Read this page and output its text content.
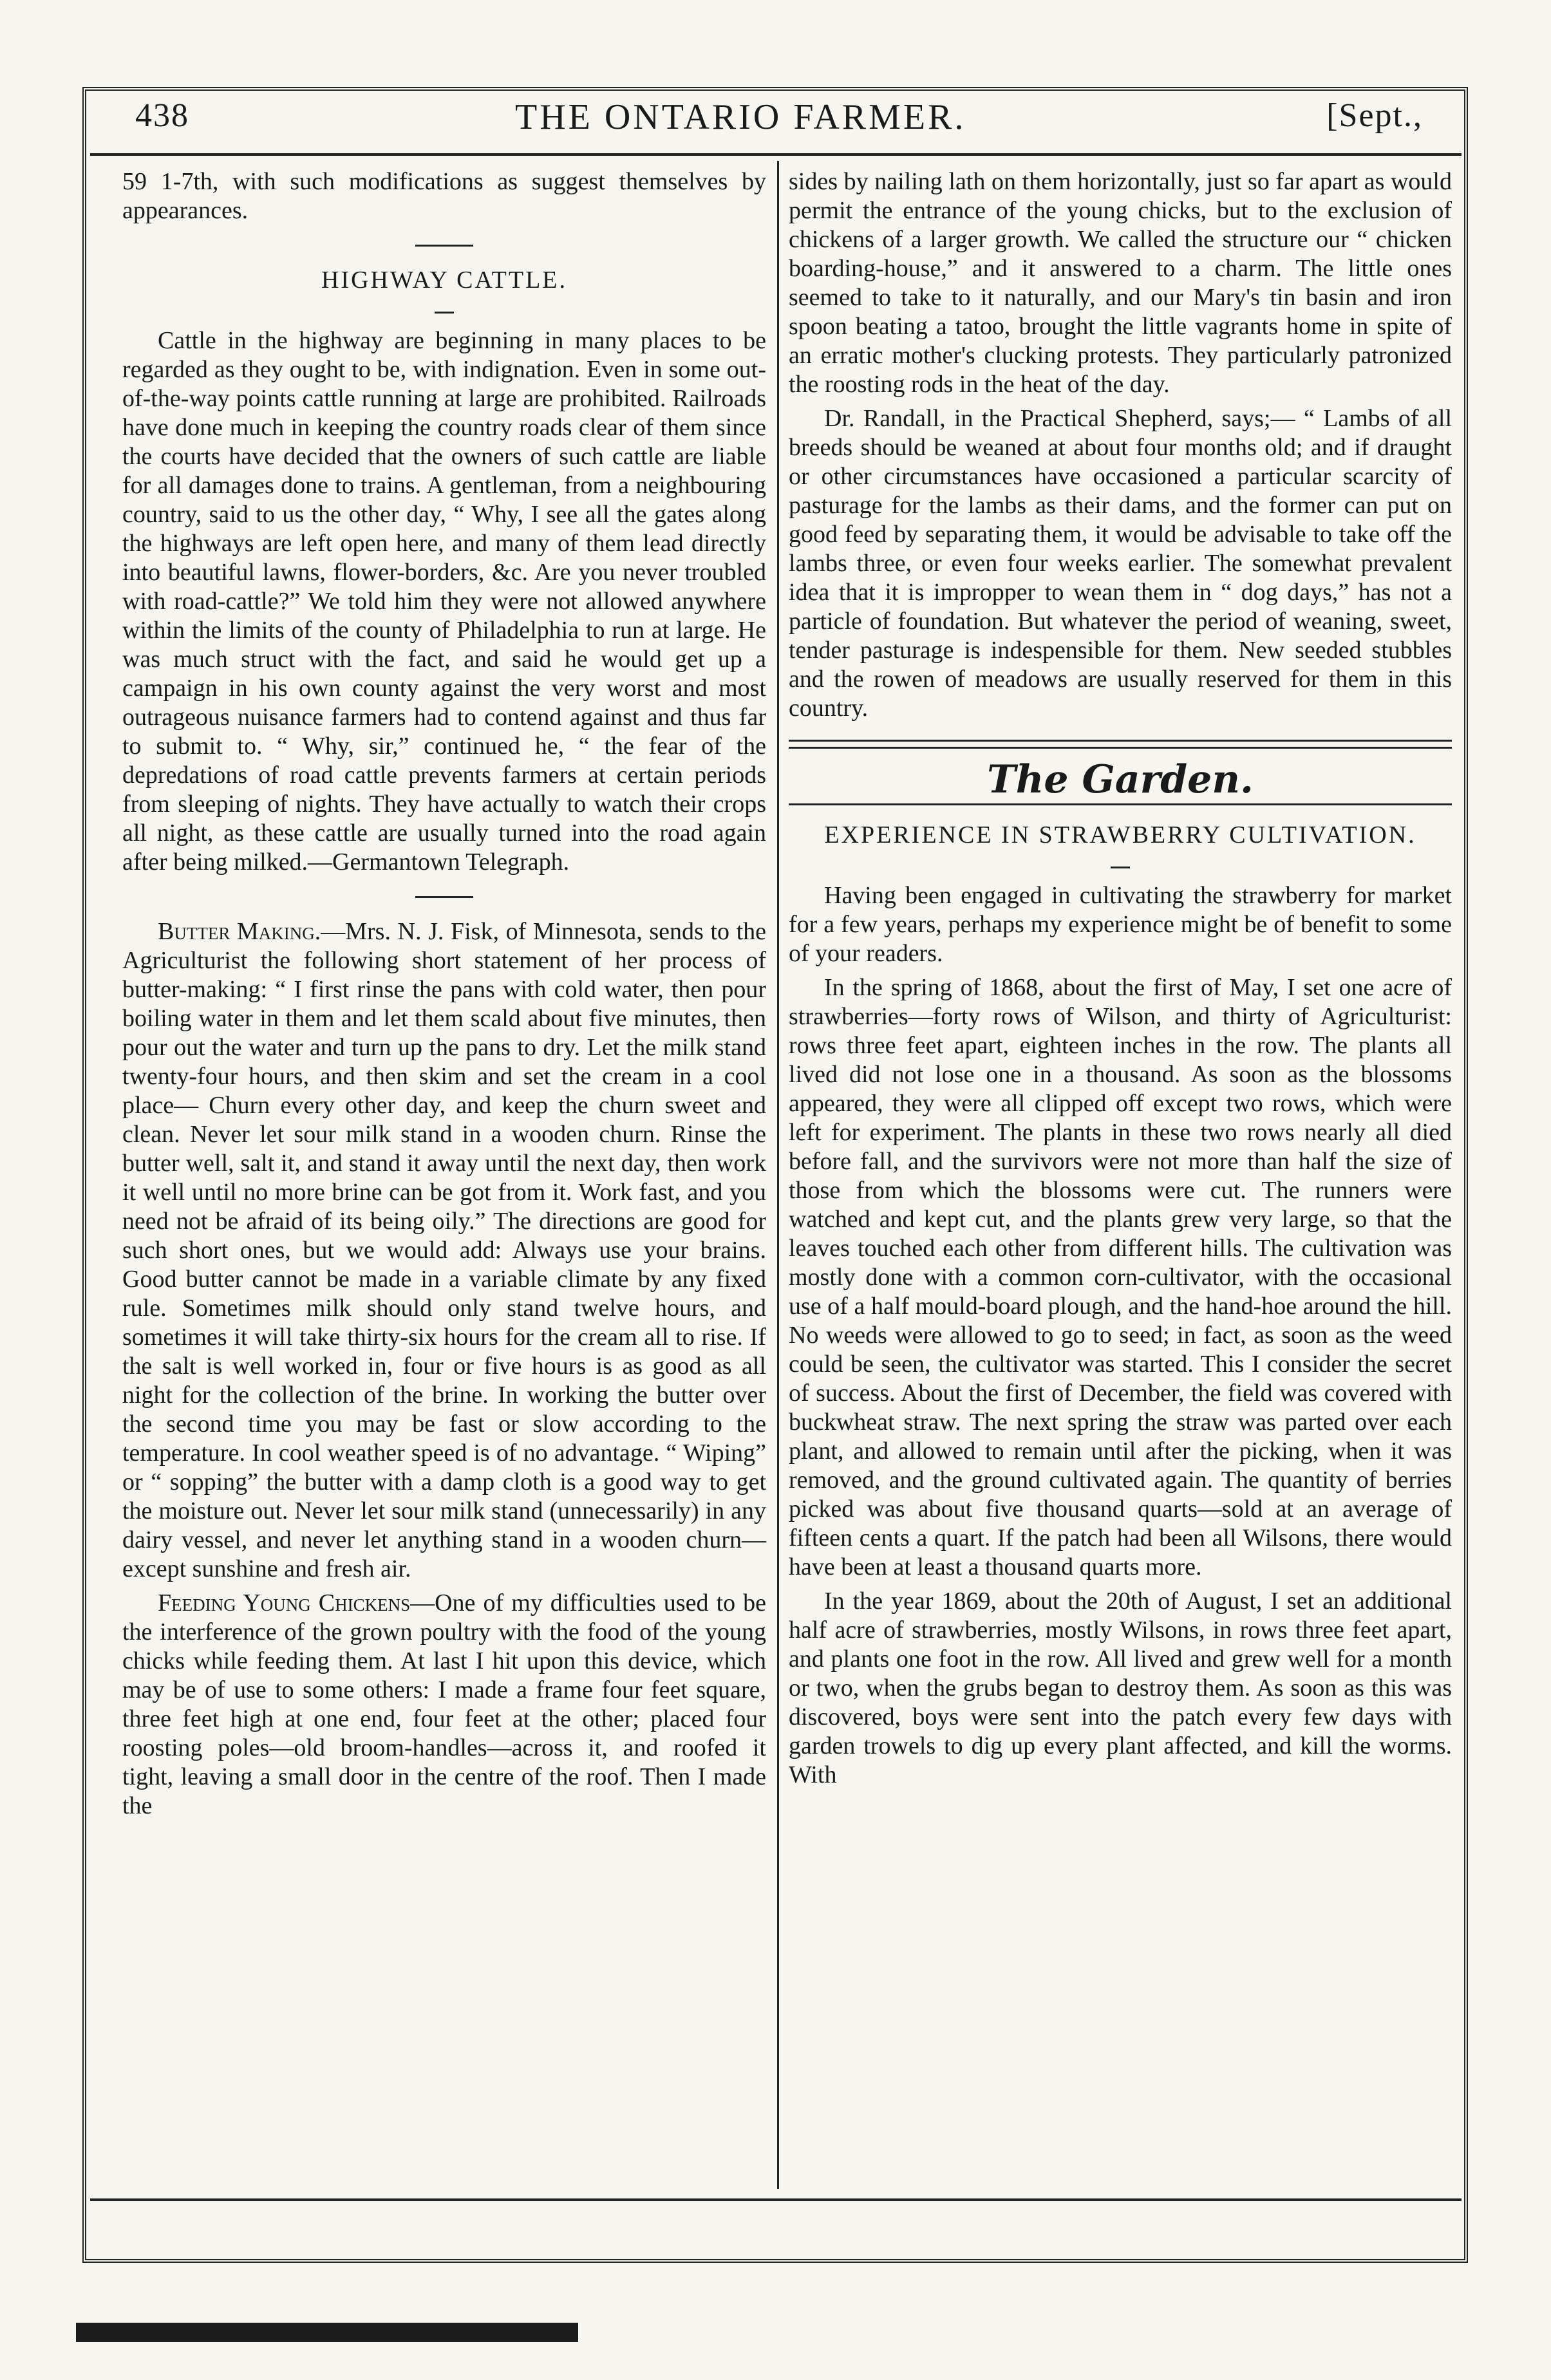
438	THE ONTARIO FARMER.	[Sept.,

59 1-7th, with such modifications as suggest themselves by appearances.

HIGHWAY CATTLE.

Cattle in the highway are beginning in many places to be regarded as they ought to be, with indignation. Even in some out-of-the-way points cattle running at large are prohibited. Railroads have done much in keeping the country roads clear of them since the courts have decided that the owners of such cattle are liable for all damages done to trains. A gentleman, from a neighbouring country, said to us the other day, “ Why, I see all the gates along the highways are left open here, and many of them lead directly into beautiful lawns, flower-borders, &c. Are you never troubled with road-cattle?” We told him they were not allowed anywhere within the limits of the county of Philadelphia to run at large. He was much struct with the fact, and said he would get up a campaign in his own county against the very worst and most outrageous nuisance farmers had to contend against and thus far to submit to. “ Why, sir,” continued he, “ the fear of the depredations of road cattle prevents farmers at certain periods from sleeping of nights. They have actually to watch their crops all night, as these cattle are usually turned into the road again after being milked.—Germantown Telegraph.

Butter Making.—Mrs. N. J. Fisk, of Minnesota, sends to the Agriculturist the following short statement of her process of butter-making: “ I first rinse the pans with cold water, then pour boiling water in them and let them scald about five minutes, then pour out the water and turn up the pans to dry. Let the milk stand twenty-four hours, and then skim and set the cream in a cool place— Churn every other day, and keep the churn sweet and clean. Never let sour milk stand in a wooden churn. Rinse the butter well, salt it, and stand it away until the next day, then work it well until no more brine can be got from it. Work fast, and you need not be afraid of its being oily.” The directions are good for such short ones, but we would add: Always use your brains. Good butter cannot be made in a variable climate by any fixed rule. Sometimes milk should only stand twelve hours, and sometimes it will take thirty-six hours for the cream all to rise. If the salt is well worked in, four or five hours is as good as all night for the collection of the brine. In working the butter over the second time you may be fast or slow according to the temperature. In cool weather speed is of no advantage. “ Wiping” or “ sopping” the butter with a damp cloth is a good way to get the moisture out. Never let sour milk stand (unnecessarily) in any dairy vessel, and never let anything stand in a wooden churn—except sunshine and fresh air.

Feeding Young Chickens—One of my difficulties used to be the interference of the grown poultry with the food of the young chicks while feeding them. At last I hit upon this device, which may be of use to some others: I made a frame four feet square, three feet high at one end, four feet at the other; placed four roosting poles—old broom-handles—across it, and roofed it tight, leaving a small door in the centre of the roof. Then I made the

sides by nailing lath on them horizontally, just so far apart as would permit the entrance of the young chicks, but to the exclusion of chickens of a larger growth. We called the structure our “ chicken boarding-house,” and it answered to a charm. The little ones seemed to take to it naturally, and our Mary's tin basin and iron spoon beating a tatoo, brought the little vagrants home in spite of an erratic mother's clucking protests. They particularly patronized the roosting rods in the heat of the day.

Dr. Randall, in the Practical Shepherd, says;— “ Lambs of all breeds should be weaned at about four months old; and if draught or other circumstances have occasioned a particular scarcity of pasturage for the lambs as their dams, and the former can put on good feed by separating them, it would be advisable to take off the lambs three, or even four weeks earlier. The somewhat prevalent idea that it is impropper to wean them in “ dog days,” has not a particle of foundation. But whatever the period of weaning, sweet, tender pasturage is indespensible for them. New seeded stubbles and the rowen of meadows are usually reserved for them in this country.

The Garden.
EXPERIENCE IN STRAWBERRY CULTIVATION.

Having been engaged in cultivating the strawberry for market for a few years, perhaps my experience might be of benefit to some of your readers.

In the spring of 1868, about the first of May, I set one acre of strawberries—forty rows of Wilson, and thirty of Agriculturist: rows three feet apart, eighteen inches in the row. The plants all lived did not lose one in a thousand. As soon as the blossoms appeared, they were all clipped off except two rows, which were left for experiment. The plants in these two rows nearly all died before fall, and the survivors were not more than half the size of those from which the blossoms were cut. The runners were watched and kept cut, and the plants grew very large, so that the leaves touched each other from different hills. The cultivation was mostly done with a common corn-cultivator, with the occasional use of a half mould-board plough, and the hand-hoe around the hill. No weeds were allowed to go to seed; in fact, as soon as the weed could be seen, the cultivator was started. This I consider the secret of success. About the first of December, the field was covered with buckwheat straw. The next spring the straw was parted over each plant, and allowed to remain until after the picking, when it was removed, and the ground cultivated again. The quantity of berries picked was about five thousand quarts—sold at an average of fifteen cents a quart. If the patch had been all Wilsons, there would have been at least a thousand quarts more.

In the year 1869, about the 20th of August, I set an additional half acre of strawberries, mostly Wilsons, in rows three feet apart, and plants one foot in the row. All lived and grew well for a month or two, when the grubs began to destroy them. As soon as this was discovered, boys were sent into the patch every few days with garden trowels to dig up every plant affected, and kill the worms. With
